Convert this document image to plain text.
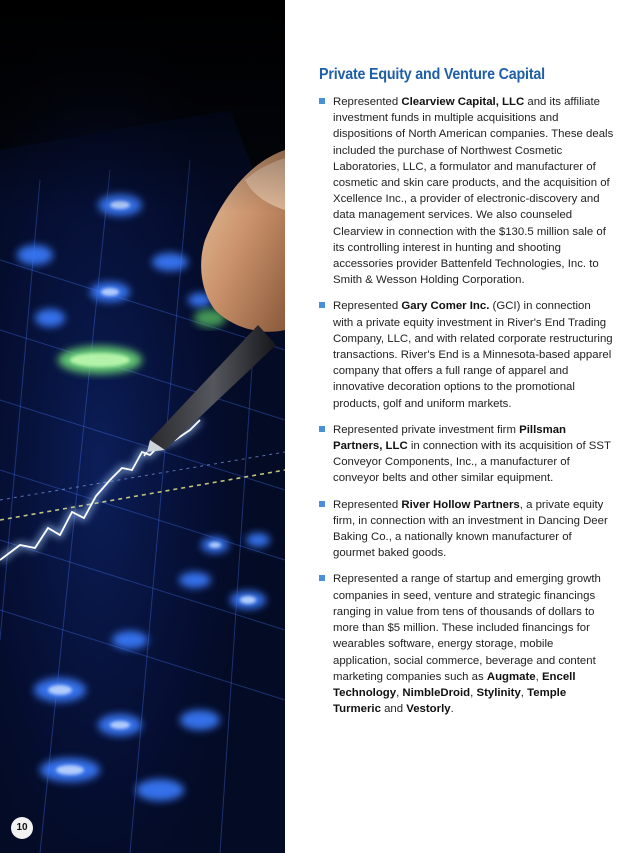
10
Private Equity and Venture Capital
Represented Clearview Capital, LLC and its affiliate investment funds in multiple acquisitions and dispositions of North American companies. These deals included the purchase of Northwest Cosmetic Laboratories, LLC, a formulator and manufacturer of cosmetic and skin care products, and the acquisition of Xcellence Inc., a provider of electronic-discovery and data management services. We also counseled Clearview in connection with the $130.5 million sale of its controlling interest in hunting and shooting accessories provider Battenfeld Technologies, Inc. to Smith & Wesson Holding Corporation.
Represented Gary Comer Inc. (GCI) in connection with a private equity investment in River's End Trading Company, LLC, and with related corporate restructuring transactions. River's End is a Minnesota-based apparel company that offers a full range of apparel and innovative decoration options to the promotional products, golf and uniform markets.
Represented private investment firm Pillsman Partners, LLC in connection with its acquisition of SST Conveyor Components, Inc., a manufacturer of conveyor belts and other similar equipment.
Represented River Hollow Partners, a private equity firm, in connection with an investment in Dancing Deer Baking Co., a nationally known manufacturer of gourmet baked goods.
Represented a range of startup and emerging growth companies in seed, venture and strategic financings ranging in value from tens of thousands of dollars to more than $5 million. These included financings for wearables software, energy storage, mobile application, social commerce, beverage and content marketing companies such as Augmate, Encell Technology, NimbleDroid, Stylinity, Temple Turmeric and Vestorly.
